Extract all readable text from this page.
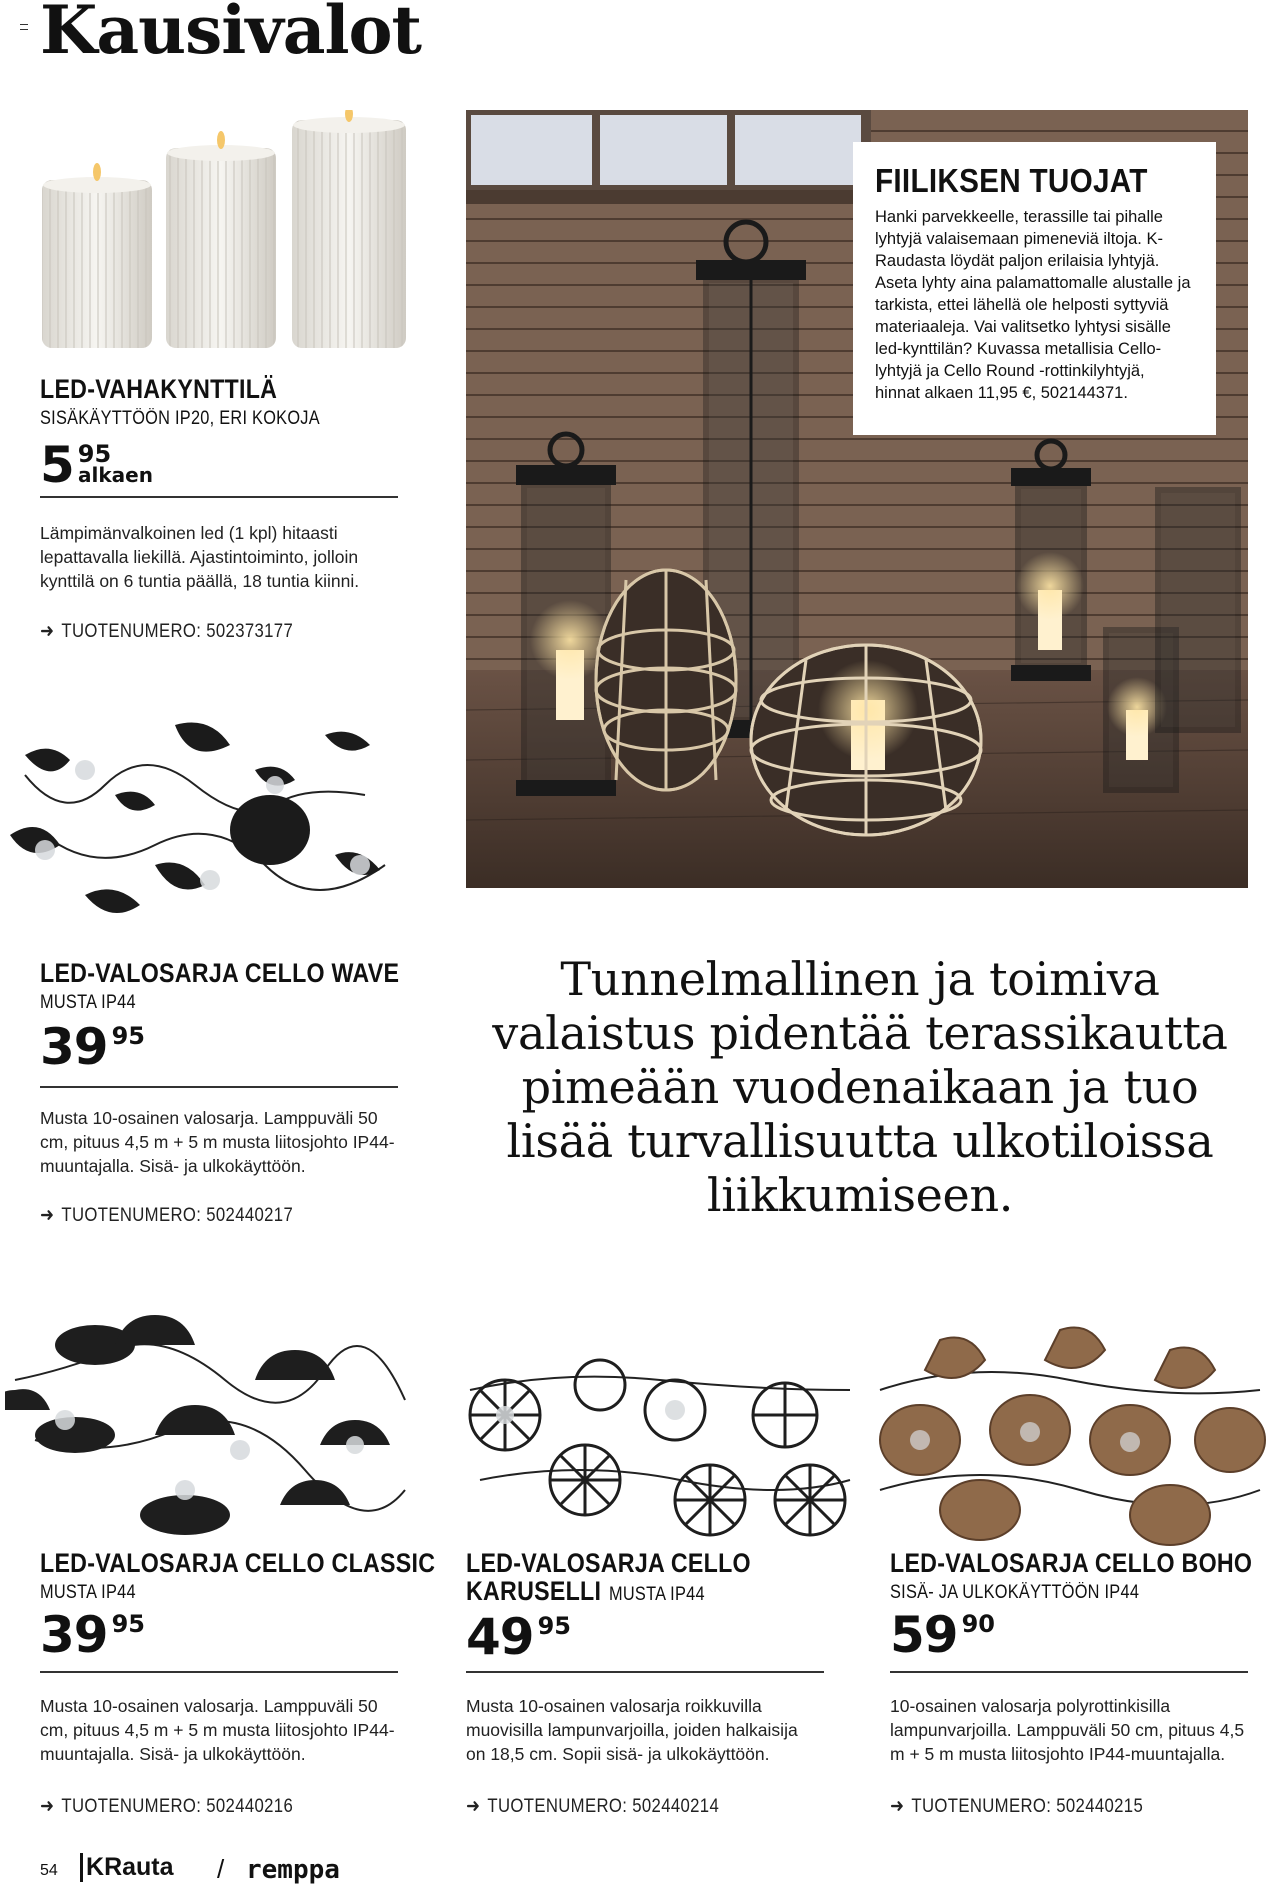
Kausivalot
LED-VAHAKYNTTILÄ
SISÄKÄYTTÖÖN IP20, ERI KOKOJA
5 $^{95}$
alkaen
Lämpimänvalkoinen led (1 kpl) hitaasti lepattavalla liekillä. Ajastintoiminto, jolloin kynttilä on 6 tuntia päällä, 18 tuntia kiinni.
➜ TUOTENUMERO: 502373177
FIILIKSEN TUOJAT
Hanki parvekkeelle, terassille tai pihalle lyhtyjä valaisemaan pimeneviä iltoja. K-Raudasta löydät paljon erilaisia lyhtyjä. Aseta lyhty aina palamattomalle alustalle ja tarkista, ettei lähellä ole helposti syttyviä materiaaleja. Vai valitsetko lyhtysi sisälle led-kynttilän? Kuvassa metallisia Cello-lyhtyjä ja Cello Round -rottinkilyhtyjä, hinnat alkaen 11,95 €, 502144371.
LED-VALOSARJA CELLO WAVE
MUSTA IP44
39 $^{95}$
Musta 10-osainen valosarja. Lamppuväli 50 cm, pituus 4,5 m + 5 m musta liitosjohto IP44-muuntajalla. Sisä- ja ulkokäyttöön.
➜ TUOTENUMERO: 502440217
Tunnelmallinen ja toimiva valaistus pidentää terassikautta pimeään vuodenaikaan ja tuo lisää turvallisuutta ulkotiloissa liikkumiseen.
LED-VALOSARJA CELLO CLASSIC
MUSTA IP44
39 $^{95}$
Musta 10-osainen valosarja. Lamppuväli 50 cm, pituus 4,5 m + 5 m musta liitosjohto IP44-muuntajalla. Sisä- ja ulkokäyttöön.
➜ TUOTENUMERO: 502440216
LED-VALOSARJA CELLO
KARUSELLI MUSTA IP44
49 $^{95}$
Musta 10-osainen valosarja roikkuvilla muovisilla lampunvarjoilla, joiden halkaisija on 18,5 cm. Sopii sisä- ja ulkokäyttöön.
➜ TUOTENUMERO: 502440214
LED-VALOSARJA CELLO BOHO
SISÄ- JA ULKOKÄYTTÖÖN IP44
59 $^{90}$
10-osainen valosarja polyrottinkisilla lampunvarjoilla. Lamppuväli 50 cm, pituus 4,5 m + 5 m musta liitosjohto IP44-muuntajalla.
➜ TUOTENUMERO: 502440215
54 KRauta / remppa
